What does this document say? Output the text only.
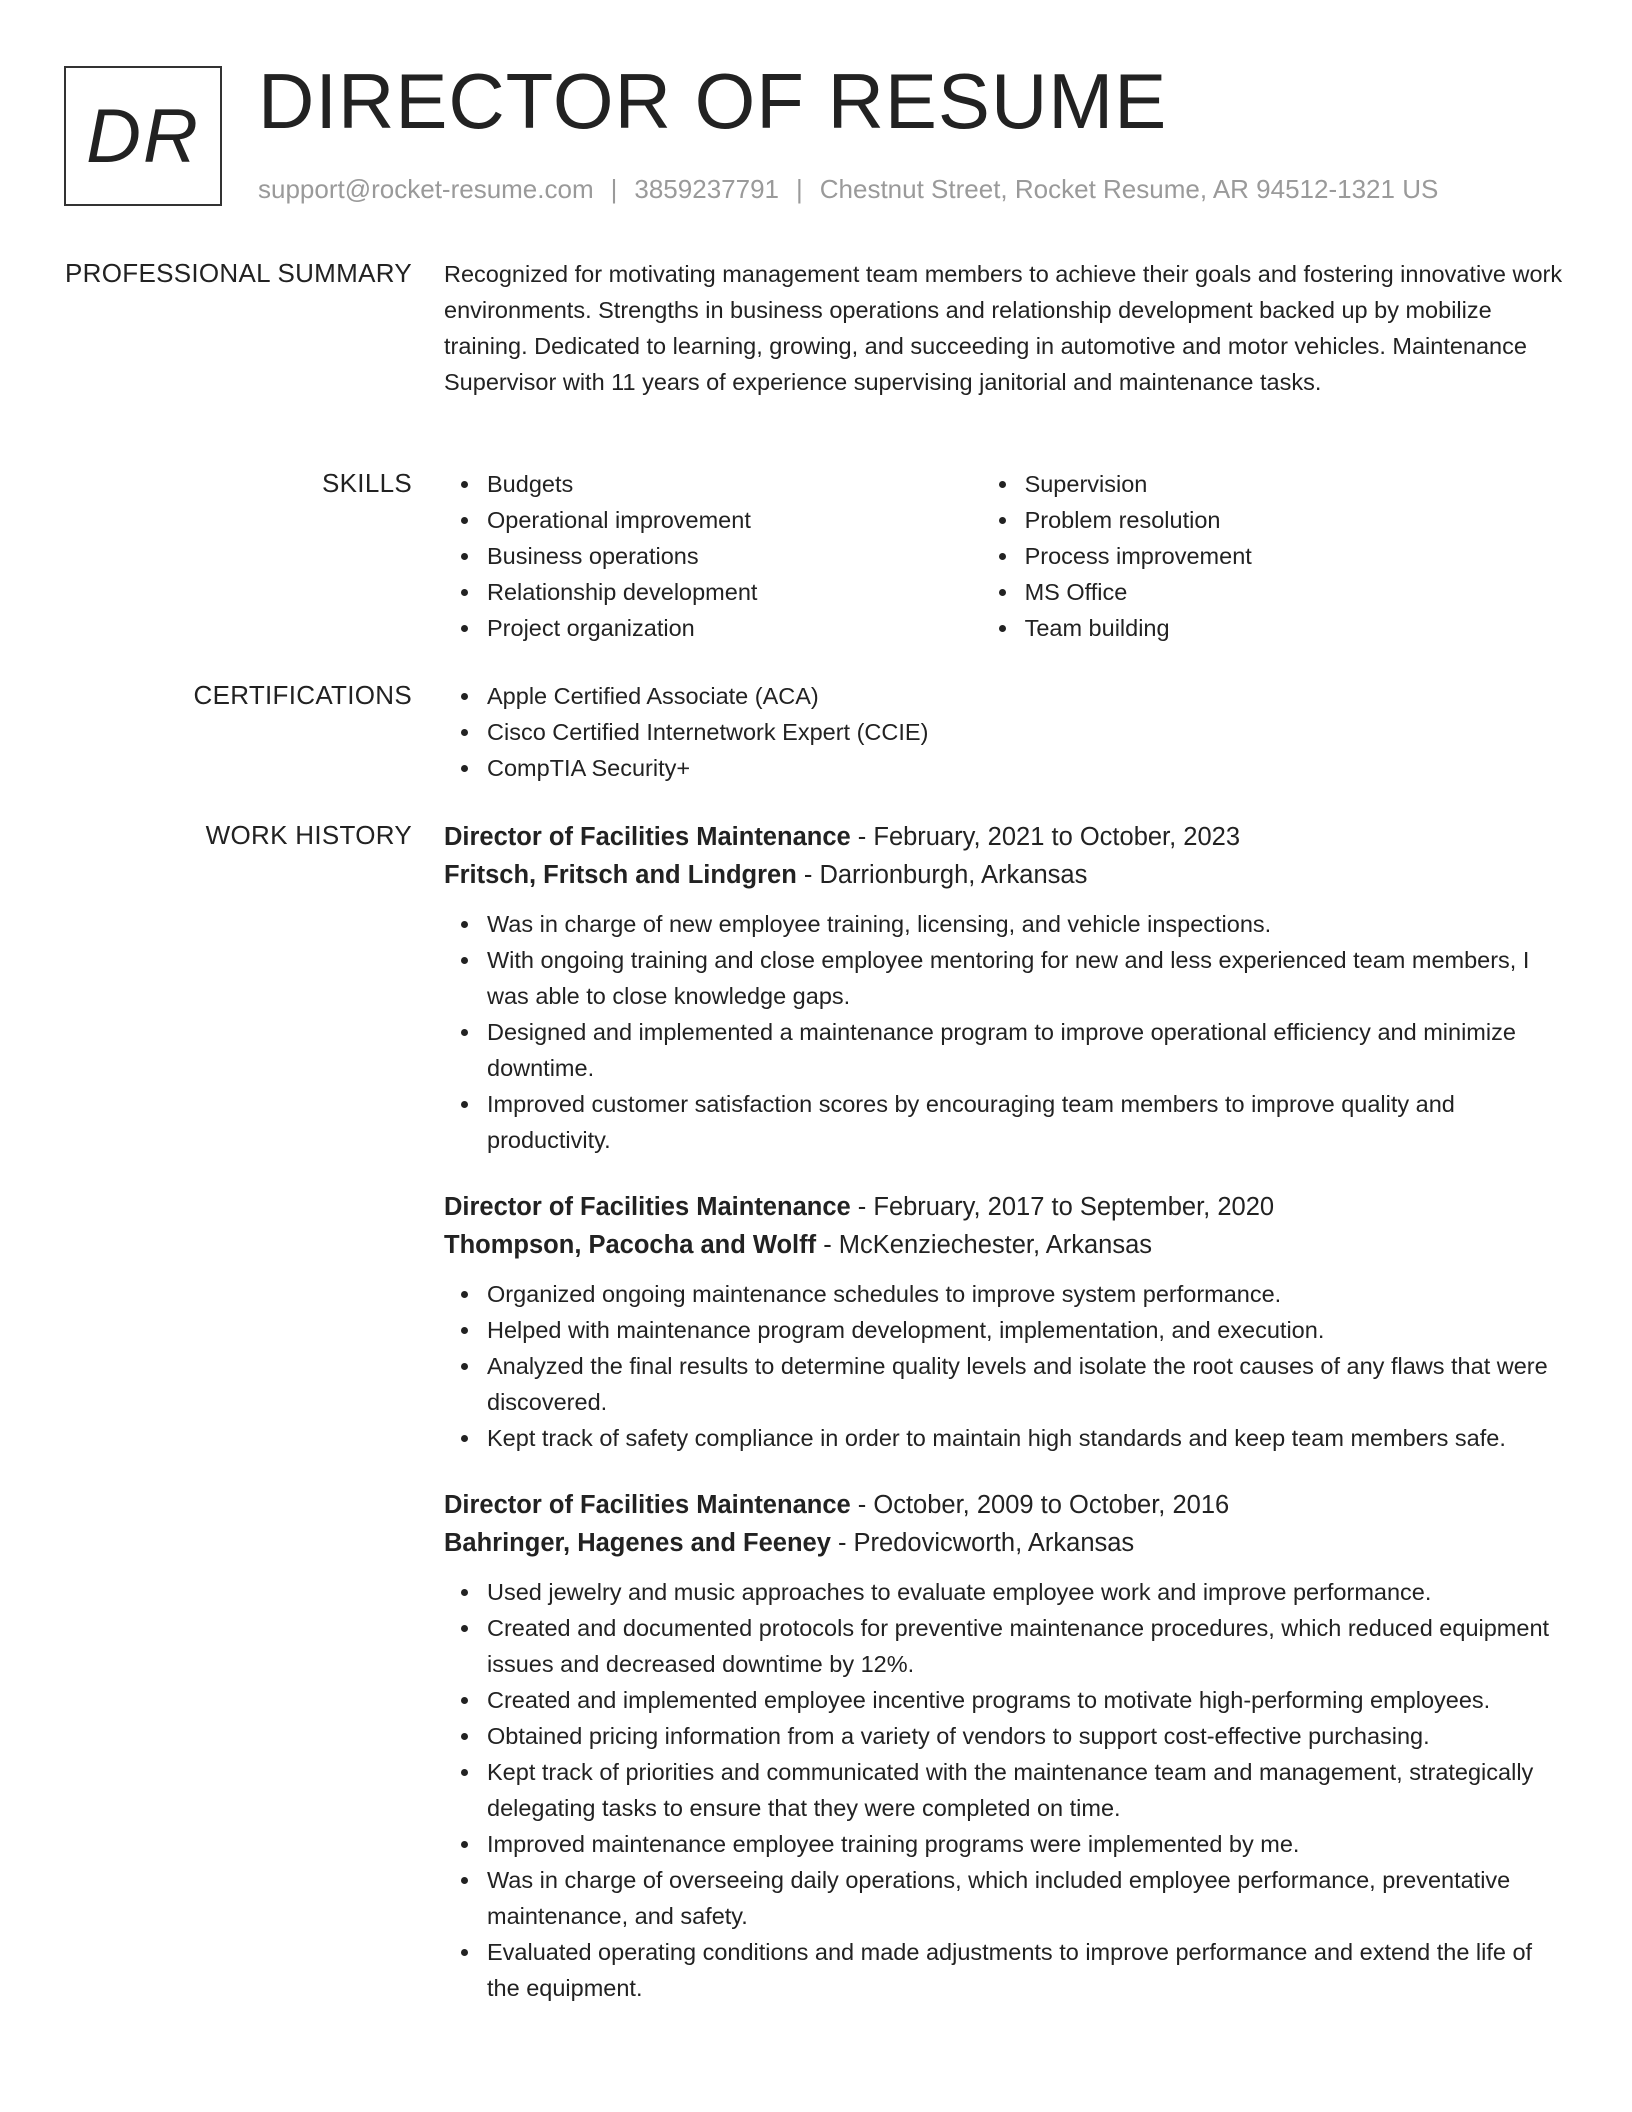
DR DIRECTOR OF RESUME
support@rocket-resume.com | 3859237791 | Chestnut Street, Rocket Resume, AR 94512-1321 US
PROFESSIONAL SUMMARY Recognized for motivating management team members to achieve their goals and fostering innovative work environments. Strengths in business operations and relationship development backed up by mobilize training. Dedicated to learning, growing, and succeeding in automotive and motor vehicles. Maintenance Supervisor with 11 years of experience supervising janitorial and maintenance tasks.

SKILLS	Budgets
Operational improvement
Business operations
Relationship development
Project organization
Supervision
Problem resolution
Process improvement
MS Office
Team building
CERTIFICATIONS	Apple Certified Associate (ACA)
Cisco Certified Internetwork Expert (CCIE)
CompTIA Security+
WORK HISTORY Director of Facilities Maintenance - February, 2021 to October, 2023
Fritsch, Fritsch and Lindgren - Darrionburgh, Arkansas
Was in charge of new employee training, licensing, and vehicle inspections.
With ongoing training and close employee mentoring for new and less experienced team members, I was able to close knowledge gaps.
Designed and implemented a maintenance program to improve operational efficiency and minimize downtime.
Improved customer satisfaction scores by encouraging team members to improve quality and productivity.
Director of Facilities Maintenance - February, 2017 to September, 2020
Thompson, Pacocha and Wolff - McKenziechester, Arkansas
Organized ongoing maintenance schedules to improve system performance.
Helped with maintenance program development, implementation, and execution.
Analyzed the final results to determine quality levels and isolate the root causes of any flaws that were discovered.
Kept track of safety compliance in order to maintain high standards and keep team members safe.
Director of Facilities Maintenance - October, 2009 to October, 2016
Bahringer, Hagenes and Feeney - Predovicworth, Arkansas
Used jewelry and music approaches to evaluate employee work and improve performance.
Created and documented protocols for preventive maintenance procedures, which reduced equipment issues and decreased downtime by 12%.
Created and implemented employee incentive programs to motivate high-performing employees.
Obtained pricing information from a variety of vendors to support cost-effective purchasing.
Kept track of priorities and communicated with the maintenance team and management, strategically delegating tasks to ensure that they were completed on time.
Improved maintenance employee training programs were implemented by me.
Was in charge of overseeing daily operations, which included employee performance, preventative maintenance, and safety.
Evaluated operating conditions and made adjustments to improve performance and extend the life of the equipment.
